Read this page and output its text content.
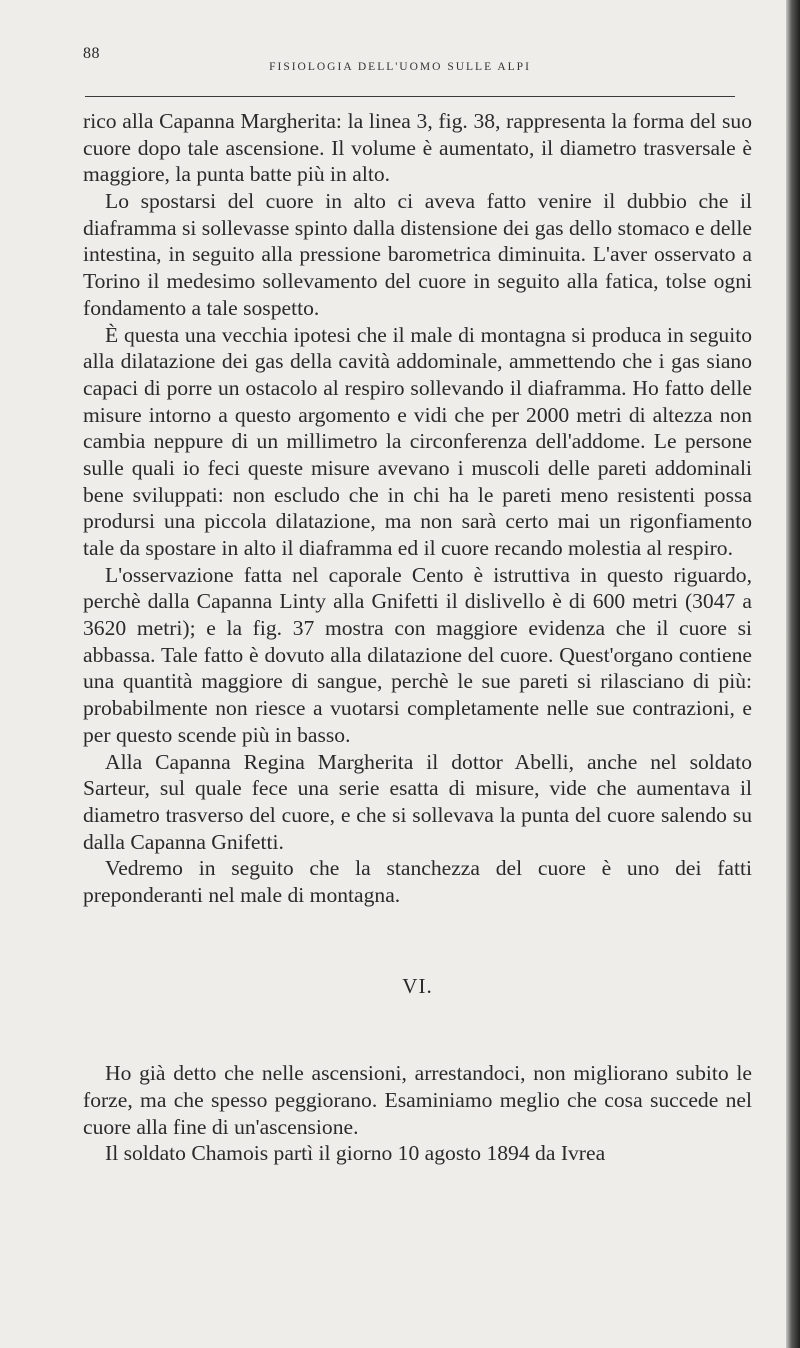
88
FISIOLOGIA DELL'UOMO SULLE ALPI

rico alla Capanna Margherita: la linea 3, fig. 38, rappresenta la forma del suo cuore dopo tale ascensione. Il volume è aumentato, il diametro trasversale è maggiore, la punta batte più in alto.

Lo spostarsi del cuore in alto ci aveva fatto venire il dubbio che il diaframma si sollevasse spinto dalla distensione dei gas dello stomaco e delle intestina, in seguito alla pressione barometrica diminuita. L'aver osservato a Torino il medesimo sollevamento del cuore in seguito alla fatica, tolse ogni fondamento a tale sospetto.

È questa una vecchia ipotesi che il male di montagna si produca in seguito alla dilatazione dei gas della cavità addominale, ammettendo che i gas siano capaci di porre un ostacolo al respiro sollevando il diaframma. Ho fatto delle misure intorno a questo argomento e vidi che per 2000 metri di altezza non cambia neppure di un millimetro la circonferenza dell'addome. Le persone sulle quali io feci queste misure avevano i muscoli delle pareti addominali bene sviluppati: non escludo che in chi ha le pareti meno resistenti possa prodursi una piccola dilatazione, ma non sarà certo mai un rigonfiamento tale da spostare in alto il diaframma ed il cuore recando molestia al respiro.

L'osservazione fatta nel caporale Cento è istruttiva in questo riguardo, perchè dalla Capanna Linty alla Gnifetti il dislivello è di 600 metri (3047 a 3620 metri); e la fig. 37 mostra con maggiore evidenza che il cuore si abbassa. Tale fatto è dovuto alla dilatazione del cuore. Quest'organo contiene una quantità maggiore di sangue, perchè le sue pareti si rilasciano di più: probabilmente non riesce a vuotarsi completamente nelle sue contrazioni, e per questo scende più in basso.

Alla Capanna Regina Margherita il dottor Abelli, anche nel soldato Sarteur, sul quale fece una serie esatta di misure, vide che aumentava il diametro trasverso del cuore, e che si sollevava la punta del cuore salendo su dalla Capanna Gnifetti.

Vedremo in seguito che la stanchezza del cuore è uno dei fatti preponderanti nel male di montagna.

VI.

Ho già detto che nelle ascensioni, arrestandoci, non migliorano subito le forze, ma che spesso peggiorano. Esaminiamo meglio che cosa succede nel cuore alla fine di un'ascensione.

Il soldato Chamois partì il giorno 10 agosto 1894 da Ivrea
